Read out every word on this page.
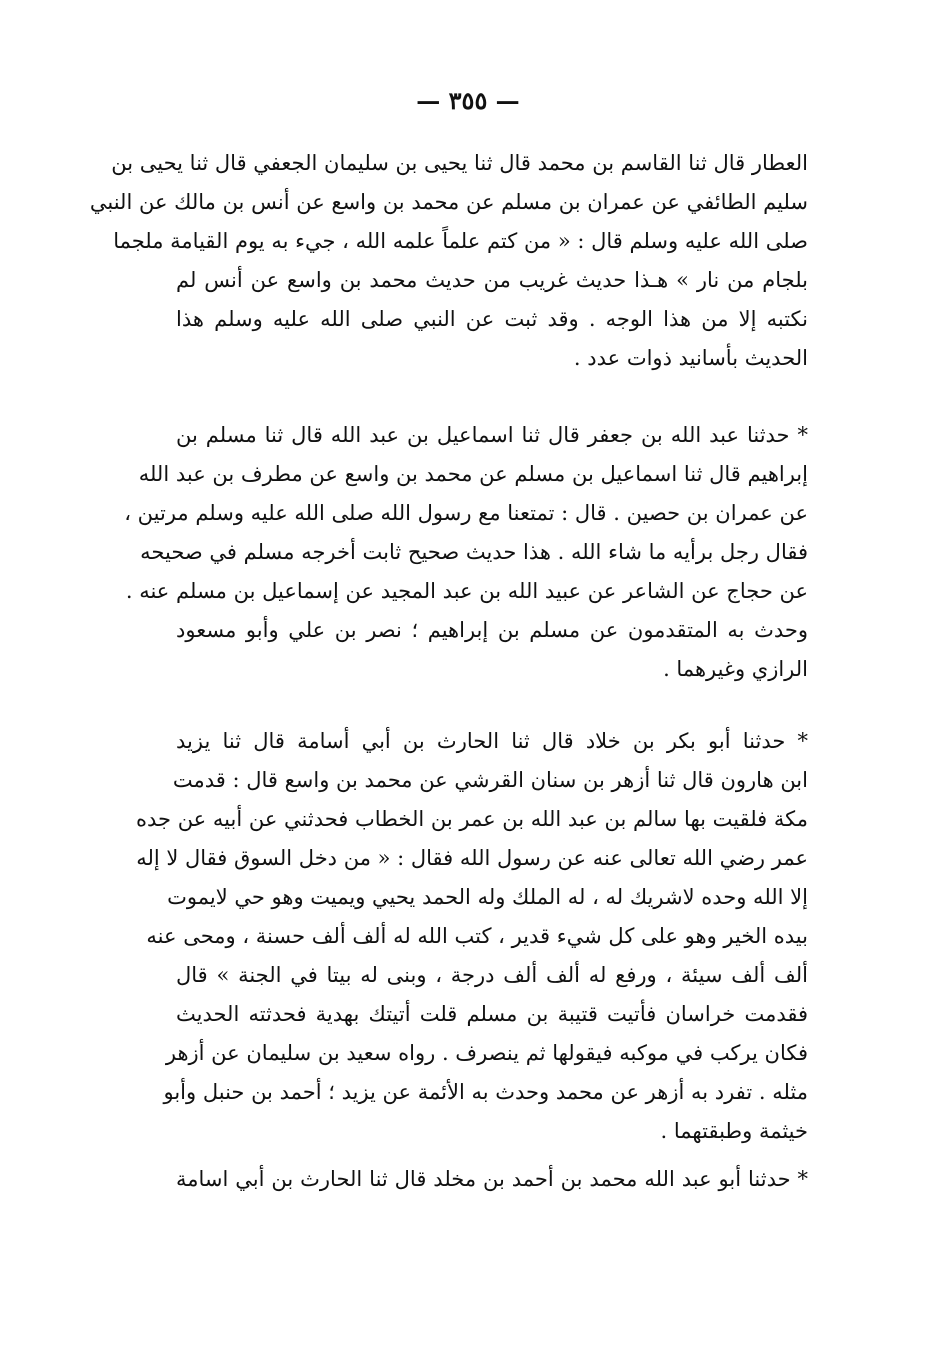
— ٣٥٥ —
العطار قال ثنا القاسم بن محمد قال ثنا يحيى بن سليمان الجعفي قال ثنا يحيى بن
سليم الطائفي عن عمران بن مسلم عن محمد بن واسع عن أنس بن مالك عن النبي
صلى الله عليه وسلم قال : « من كتم علماً علمه الله ، جيء به يوم القيامة ملجما
بلجام من نار » هـذا حديث غريب من حديث محمد بن واسع عن أنس لم
نكتبه إلا من هذا الوجه . وقد ثبت عن النبي صلى الله عليه وسلم هذا
الحديث بأسانيد ذوات عدد .
* حدثنا عبد الله بن جعفر قال ثنا اسماعيل بن عبد الله قال ثنا مسلم بن
إبراهيم قال ثنا اسماعيل بن مسلم عن محمد بن واسع عن مطرف بن عبد الله
عن عمران بن حصين . قال : تمتعنا مع رسول الله صلى الله عليه وسلم مرتين ،
فقال رجل برأيه ما شاء الله . هذا حديث صحيح ثابت أخرجه مسلم في صحيحه
عن حجاج عن الشاعر عن عبيد الله بن عبد المجيد عن إسماعيل بن مسلم عنه .
وحدث به المتقدمون عن مسلم بن إبراهيم ؛ نصر بن علي وأبو مسعود
الرازي وغيرهما .
* حدثنا أبو بكر بن خلاد قال ثنا الحارث بن أبي أسامة قال ثنا يزيد
ابن هارون قال ثنا أزهر بن سنان القرشي عن محمد بن واسع قال : قدمت
مكة فلقيت بها سالم بن عبد الله بن عمر بن الخطاب فحدثني عن أبيه عن جده
عمر رضي الله تعالى عنه عن رسول الله فقال : « من دخل السوق فقال لا إله
إلا الله وحده لاشريك له ، له الملك وله الحمد يحيي ويميت وهو حي لايموت
بيده الخير وهو على كل شيء قدير ، كتب الله له ألف ألف حسنة ، ومحى عنه
ألف ألف سيئة ، ورفع له ألف ألف درجة ، وبنى له بيتا في الجنة » قال
فقدمت خراسان فأتيت قتيبة بن مسلم قلت أتيتك بهدية فحدثته الحديث
فكان يركب في موكبه فيقولها ثم ينصرف . رواه سعيد بن سليمان عن أزهر
مثله . تفرد به أزهر عن محمد وحدث به الأئمة عن يزيد ؛ أحمد بن حنبل وأبو
خيثمة وطبقتهما .
* حدثنا أبو عبد الله محمد بن أحمد بن مخلد قال ثنا الحارث بن أبي اسامة
